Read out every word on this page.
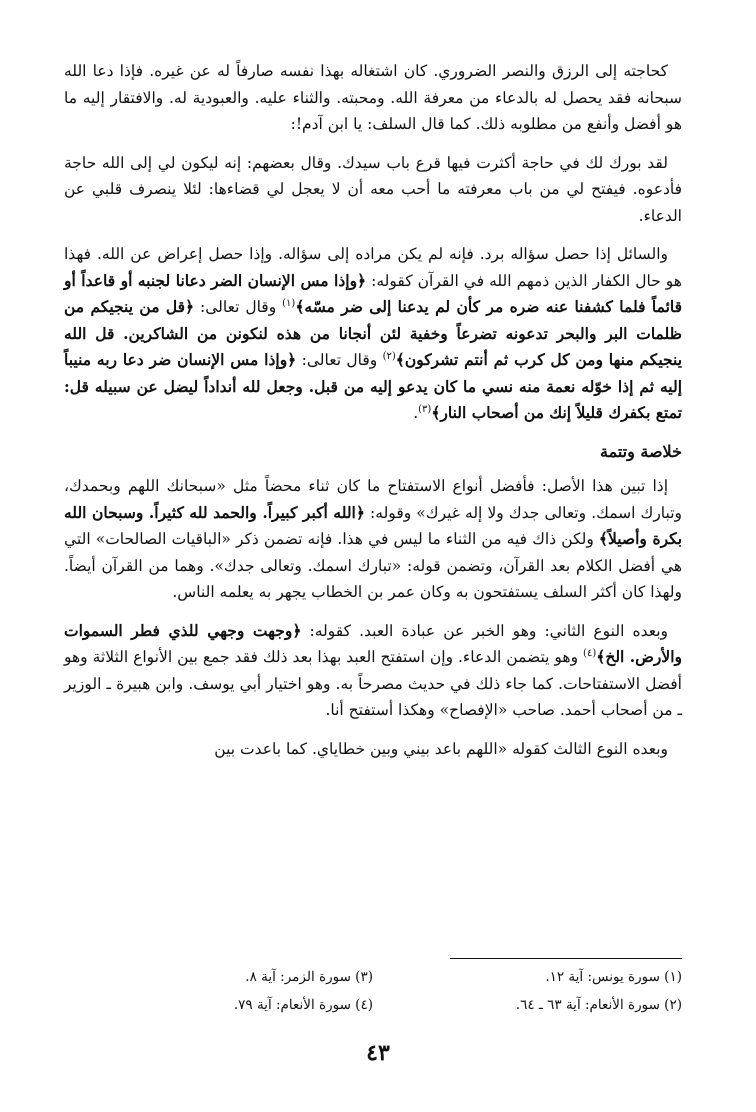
كحاجته إلى الرزق والنصر الضروري. كان اشتغاله بهذا نفسه صارفاً له عن غيره. فإذا دعا الله سبحانه فقد يحصل له بالدعاء من معرفة الله. ومحبته. والثناء عليه. والعبودية له. والافتقار إليه ما هو أفضل وأنفع من مطلوبه ذلك. كما قال السلف: يا ابن آدم!:

لقد بورك لك في حاجة أكثرت فيها قرع باب سيدك. وقال بعضهم: إنه ليكون لي إلى الله حاجة فأدعوه. فيفتح لي من باب معرفته ما أحب معه أن لا يعجل لي قضاءها: لئلا ينصرف قلبي عن الدعاء.

والسائل إذا حصل سؤاله برد. فإنه لم يكن مراده إلى سؤاله. وإذا حصل إعراض عن الله. فهذا هو حال الكفار الذين ذمهم الله في القرآن كقوله: ﴿وإذا مس الإنسان الضر دعانا لجنبه أو قاعداً أو قائماً فلما كشفنا عنه ضره مر كأن لم يدعنا إلى ضر مسّه﴾$^{(١)}$ وقال تعالى: ﴿قل من ينجيكم من ظلمات البر والبحر تدعونه تضرعاً وخفية لئن أنجانا من هذه لنكونن من الشاكرين. قل الله ينجيكم منها ومن كل كرب ثم أنتم تشركون﴾$^{(٢)}$ وقال تعالى: ﴿وإذا مس الإنسان ضر دعا ربه منيباً إليه ثم إذا خوّله نعمة منه نسي ما كان يدعو إليه من قبل. وجعل لله أنداداً ليضل عن سبيله قل: تمتع بكفرك قليلاً إنك من أصحاب النار﴾$^{(٣)}$.

خلاصة وتتمة

إذا تبين هذا الأصل: فأفضل أنواع الاستفتاح ما كان ثناء محضاً مثل «سبحانك اللهم وبحمدك، وتبارك اسمك. وتعالى جدك ولا إله غيرك» وقوله: ﴿الله أكبر كبيراً. والحمد لله كثيراً. وسبحان الله بكرة وأصيلاً﴾ ولكن ذاك فيه من الثناء ما ليس في هذا. فإنه تضمن ذكر «الباقيات الصالحات» التي هي أفضل الكلام بعد القرآن، وتضمن قوله: «تبارك اسمك. وتعالى جدك». وهما من القرآن أيضاً. ولهذا كان أكثر السلف يستفتحون به وكان عمر بن الخطاب يجهر به يعلمه الناس.

وبعده النوع الثاني: وهو الخبر عن عبادة العبد. كقوله: ﴿وجهت وجهي للذي فطر السموات والأرض. الخ﴾$^{(٤)}$ وهو يتضمن الدعاء. وإن استفتح العبد بهذا بعد ذلك فقد جمع بين الأنواع الثلاثة وهو أفضل الاستفتاحات. كما جاء ذلك في حديث مصرحاً به. وهو اختيار أبي يوسف. وابن هبيرة ـ الوزير ـ من أصحاب أحمد. صاحب «الإفصاح» وهكذا أستفتح أنا.

وبعده النوع الثالث كقوله «اللهم باعد بيني وبين خطاياي. كما باعدت بين

(١) سورة يونس: آية ١٢.
(٣) سورة الزمر: آية ٨.
(٢) سورة الأنعام: آية ٦٣ ـ ٦٤.
(٤) سورة الأنعام: آية ٧٩.
٤٣
